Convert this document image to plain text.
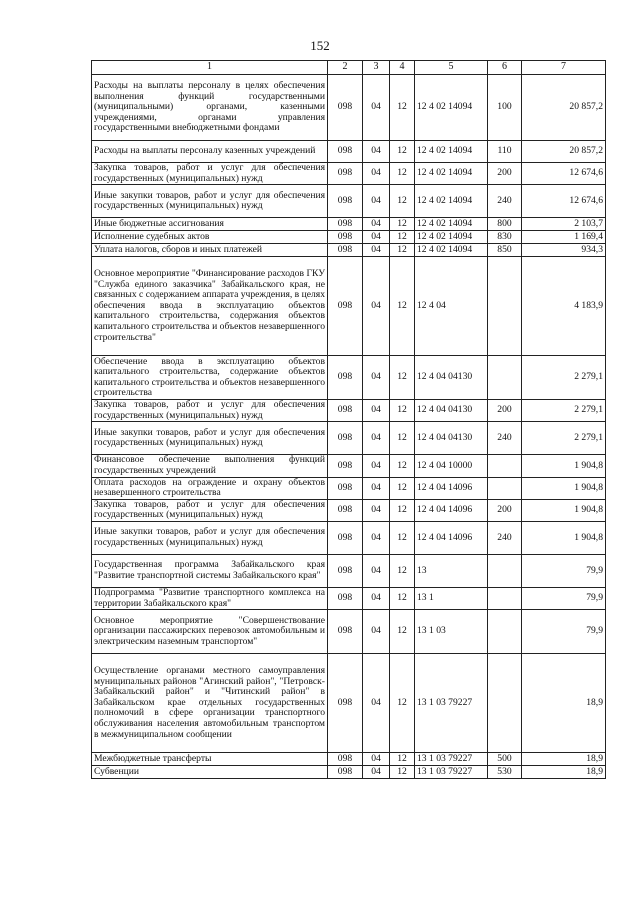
152
1	2	3	4	5	6	7
Расходы на выплаты персоналу в целях обеспечения выполнения функций государственными (муниципальными) органами, казенными учреждениями, органами управления государственными внебюджетными фондами	098	04	12	12 4 02 14094	100	20 857,2
Расходы на выплаты персоналу казенных учреждений	098	04	12	12 4 02 14094	110	20 857,2
Закупка товаров, работ и услуг для обеспечения государственных (муниципальных) нужд	098	04	12	12 4 02 14094	200	12 674,6
Иные закупки товаров, работ и услуг для обеспечения государственных (муниципальных) нужд	098	04	12	12 4 02 14094	240	12 674,6
Иные бюджетные ассигнования	098	04	12	12 4 02 14094	800	2 103,7
Исполнение судебных актов	098	04	12	12 4 02 14094	830	1 169,4
Уплата налогов, сборов и иных платежей	098	04	12	12 4 02 14094	850	934,3
Основное мероприятие "Финансирование расходов ГКУ "Служба единого заказчика" Забайкальского края, не связанных с содержанием аппарата учреждения, в целях обеспечения ввода в эксплуатацию объектов капитального строительства, содержания объектов капитального строительства и объектов незавершенного строительства"	098	04	12	12 4 04		4 183,9
Обеспечение ввода в эксплуатацию объектов капитального строительства, содержание объектов капитального строительства и объектов незавершенного строительства	098	04	12	12 4 04 04130		2 279,1
Закупка товаров, работ и услуг для обеспечения государственных (муниципальных) нужд	098	04	12	12 4 04 04130	200	2 279,1
Иные закупки товаров, работ и услуг для обеспечения государственных (муниципальных) нужд	098	04	12	12 4 04 04130	240	2 279,1
Финансовое обеспечение выполнения функций государственных учреждений	098	04	12	12 4 04 10000		1 904,8
Оплата расходов на ограждение и охрану объектов незавершенного строительства	098	04	12	12 4 04 14096		1 904,8
Закупка товаров, работ и услуг для обеспечения государственных (муниципальных) нужд	098	04	12	12 4 04 14096	200	1 904,8
Иные закупки товаров, работ и услуг для обеспечения государственных (муниципальных) нужд	098	04	12	12 4 04 14096	240	1 904,8
Государственная программа Забайкальского края "Развитие транспортной системы Забайкальского края"	098	04	12	13		79,9
Подпрограмма "Развитие транспортного комплекса на территории Забайкальского края"	098	04	12	13 1		79,9
Основное мероприятие "Совершенствование организации пассажирских перевозок автомобильным и электрическим наземным транспортом"	098	04	12	13 1 03		79,9
Осуществление органами местного самоуправления муниципальных районов "Агинский район", "Петровск-Забайкальский район" и "Читинский район" в Забайкальском крае отдельных государственных полномочий в сфере организации транспортного обслуживания населения автомобильным транспортом в межмуниципальном сообщении	098	04	12	13 1 03 79227		18,9
Межбюджетные трансферты	098	04	12	13 1 03 79227	500	18,9
Субвенции	098	04	12	13 1 03 79227	530	18,9
